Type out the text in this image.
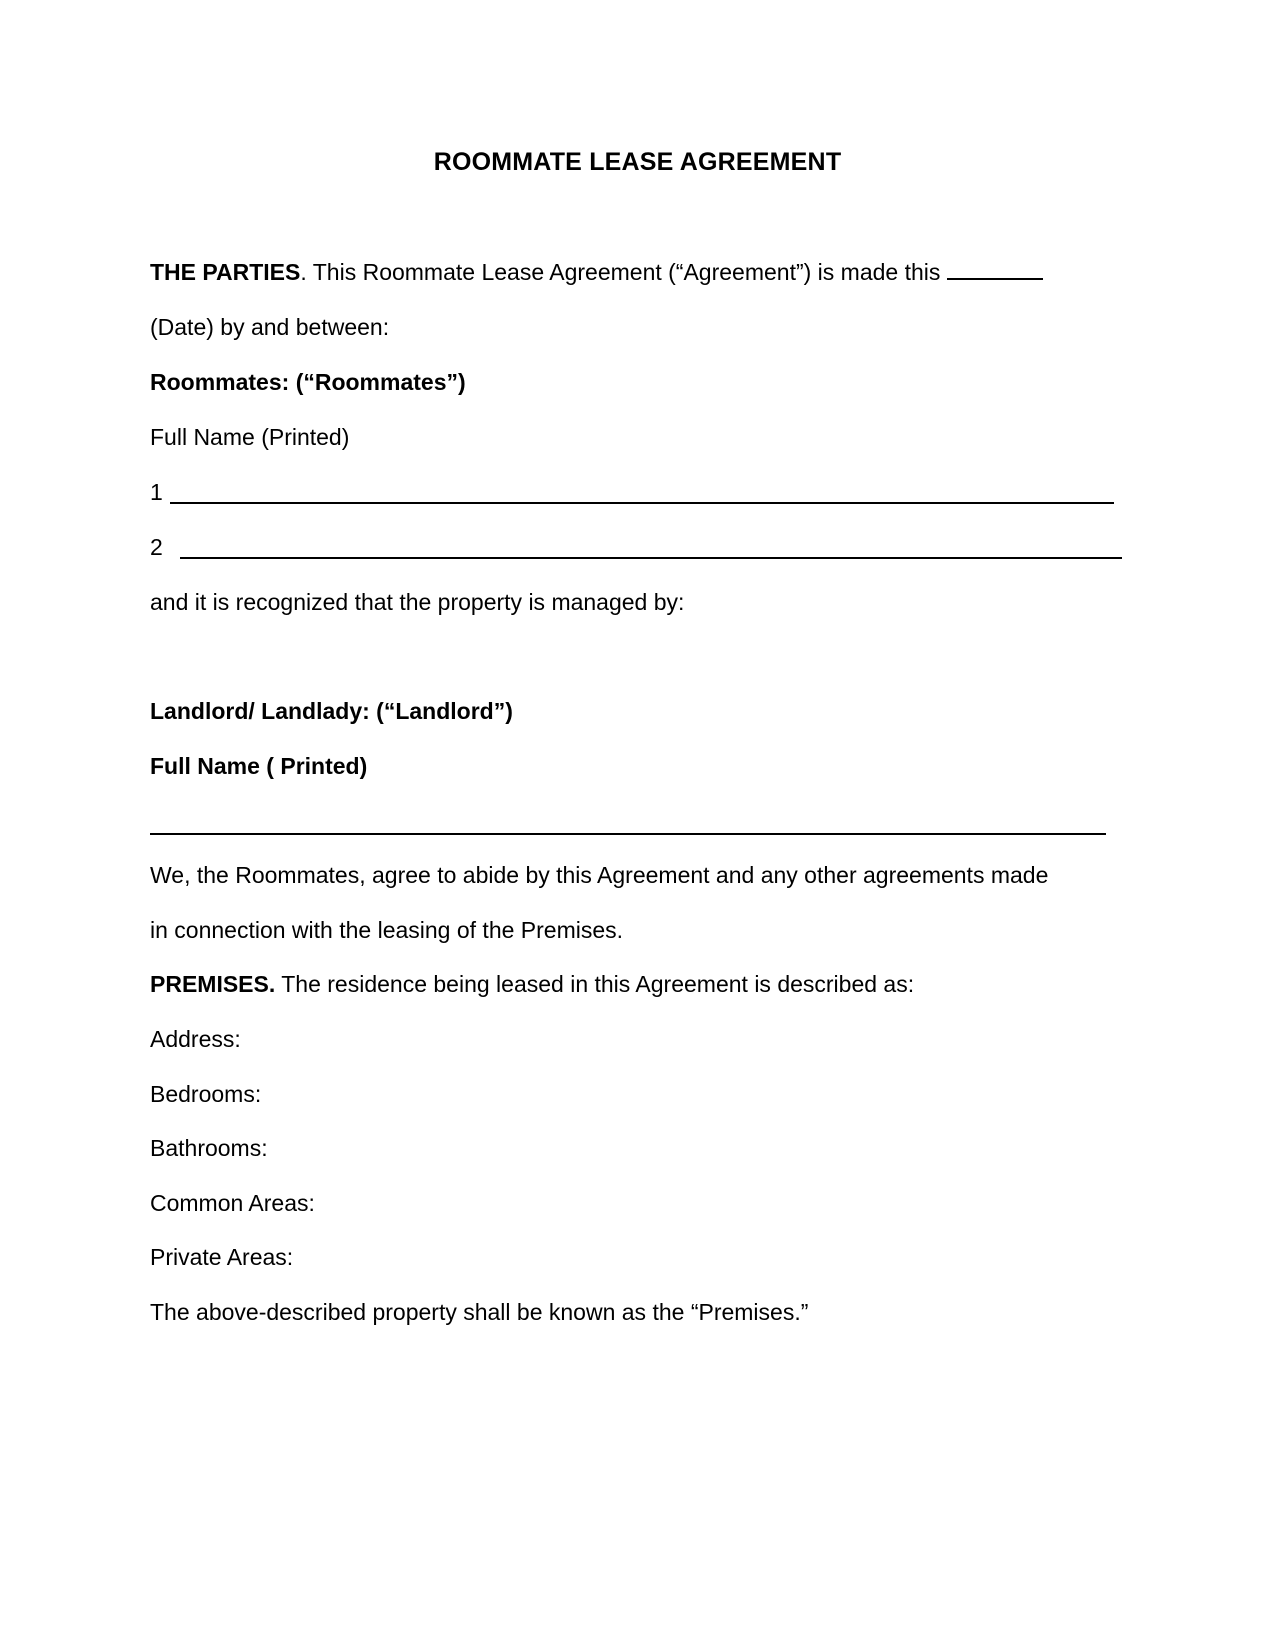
ROOMMATE LEASE AGREEMENT
THE PARTIES. This Roommate Lease Agreement (“Agreement”) is made this
(Date) by and between:
Roommates: (“Roommates”)
Full Name (Printed)
1
2
and it is recognized that the property is managed by:
Landlord/ Landlady: (“Landlord”)
Full Name ( Printed)
We, the Roommates, agree to abide by this Agreement and any other agreements made
in connection with the leasing of the Premises.
PREMISES. The residence being leased in this Agreement is described as:
Address:
Bedrooms:
Bathrooms:
Common Areas:
Private Areas:
The above-described property shall be known as the “Premises.”
